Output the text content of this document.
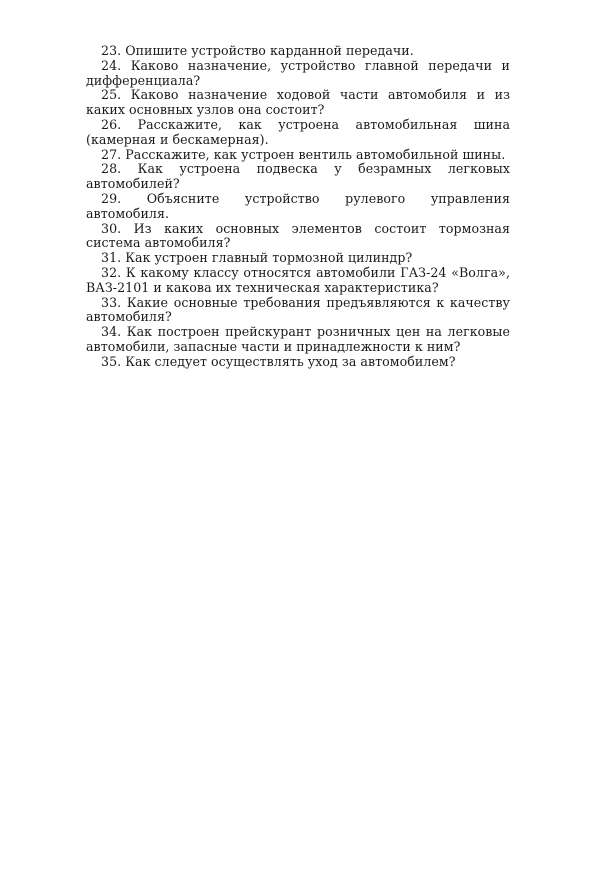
23. Опишите устройство карданной передачи.

24. Каково назначение, устройство главной передачи и дифференциала?

25. Каково назначение ходовой части автомобиля и из каких основных узлов она состоит?

26. Расскажите, как устроена автомобильная шина (камерная и бескамерная).

27. Расскажите, как устроен вентиль автомобильной шины.

28. Как устроена подвеска у безрамных легковых автомобилей?

29. Объясните устройство рулевого управления автомобиля.

30. Из каких основных элементов состоит тормозная система автомобиля?

31. Как устроен главный тормозной цилиндр?

32. К какому классу относятся автомобили ГАЗ-24 «Волга», ВАЗ-2101 и какова их техническая характеристика?

33. Какие основные требования предъявляются к качеству автомобиля?

34. Как построен прейскурант розничных цен на легковые автомобили, запасные части и принадлежности к ним?

35. Как следует осуществлять уход за автомобилем?
